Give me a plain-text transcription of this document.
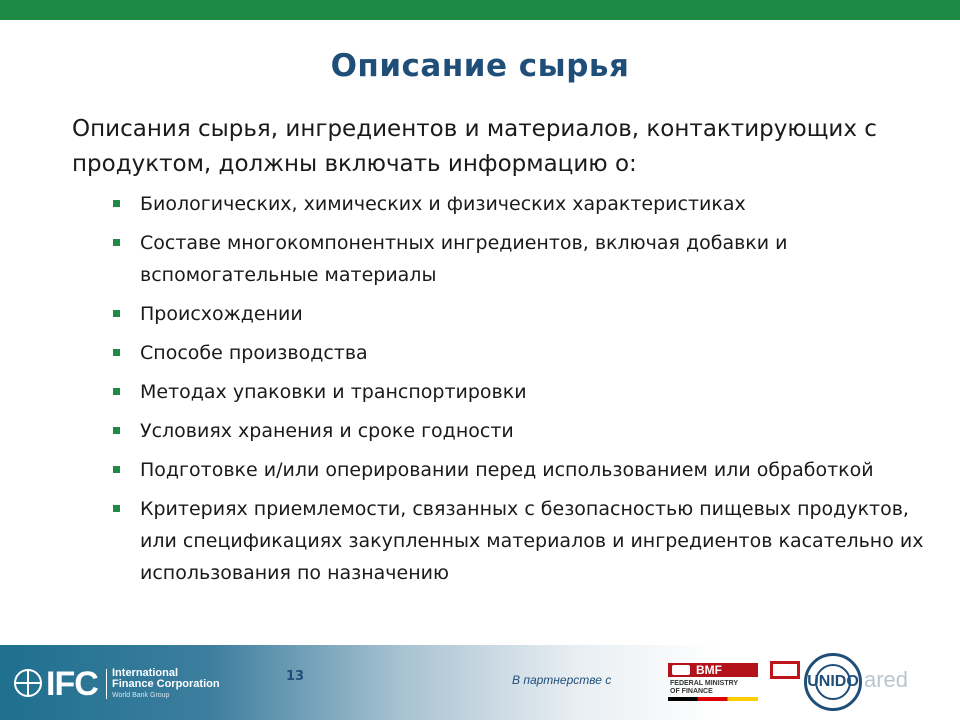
Описание сырья

Описания сырья, ингредиентов и материалов, контактирующих с продуктом, должны включать информацию о:

Биологических, химических и физических характеристиках
Составе многокомпонентных ингредиентов, включая добавки и вспомогательные материалы
Происхождении
Способе производства
Методах упаковки и транспортировки
Условиях хранения и сроке годности
Подготовке и/или оперировании перед использованием или обработкой
Критериях приемлемости, связанных с безопасностью пищевых продуктов, или спецификациях закупленных материалов и ингредиентов касательно их использования по назначению
IFC International
Finance Corporation
World Bank Group
13	В партнерстве с
BMF
FEDERAL MINISTRY
OF FINANCE
UNIDO ared
